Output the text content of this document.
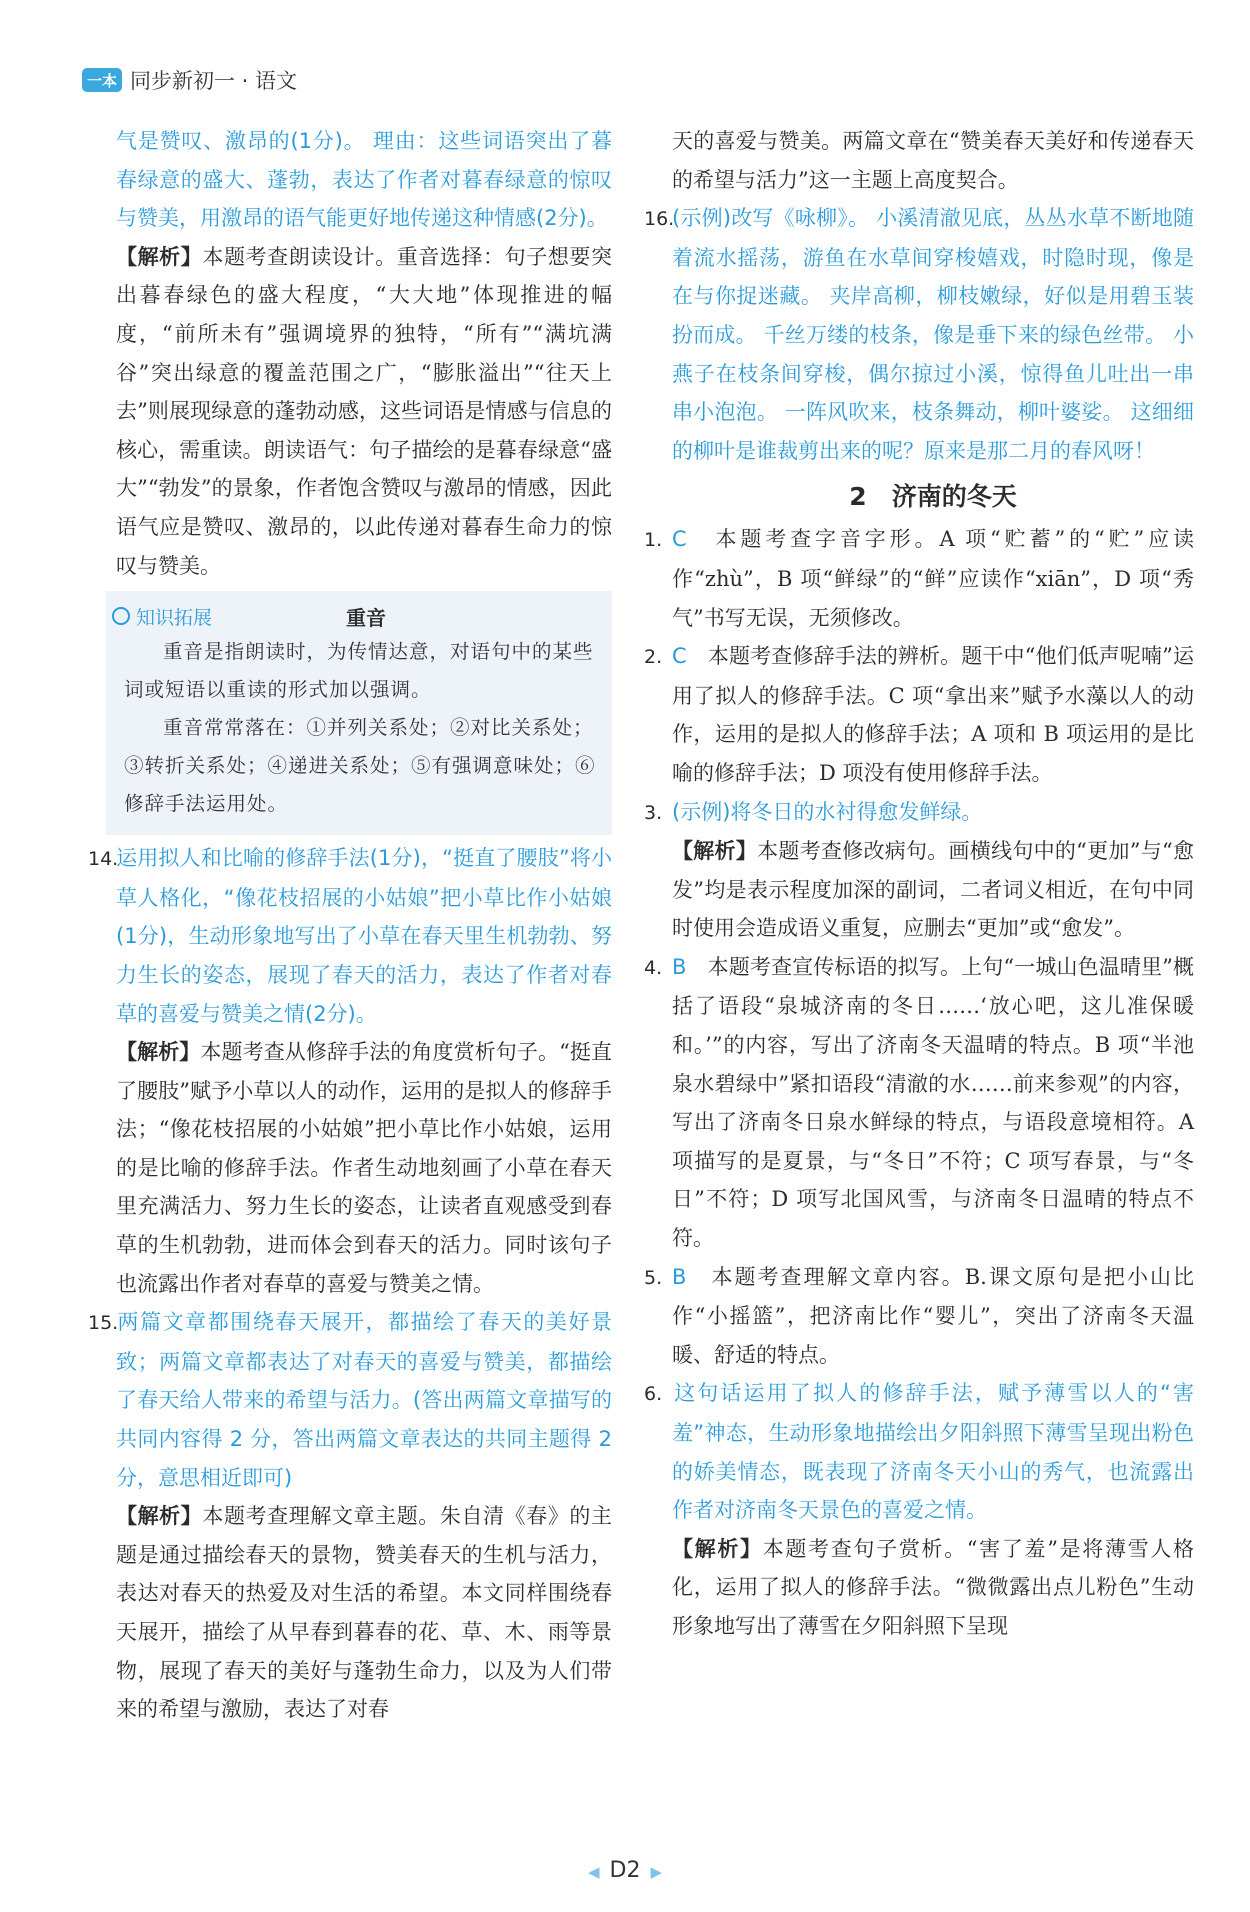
一本 同步新初一 · 语文

气是赞叹、激昂的(1分)。 理由：这些词语突出了暮春绿意的盛大、蓬勃，表达了作者对暮春绿意的惊叹与赞美，用激昂的语气能更好地传递这种情感(2分)。

【解析】本题考查朗读设计。重音选择：句子想要突出暮春绿色的盛大程度，“大大地”体现推进的幅度，“前所未有”强调境界的独特，“所有”“满坑满谷”突出绿意的覆盖范围之广，“膨胀溢出”“往天上去”则展现绿意的蓬勃动感，这些词语是情感与信息的核心，需重读。朗读语气：句子描绘的是暮春绿意“盛大”“勃发”的景象，作者饱含赞叹与激昂的情感，因此语气应是赞叹、激昂的，以此传递对暮春生命力的惊叹与赞美。

知识拓展	重音

重音是指朗读时，为传情达意，对语句中的某些词或短语以重读的形式加以强调。

重音常常落在：①并列关系处；②对比关系处；③转折关系处；④递进关系处；⑤有强调意味处；⑥修辞手法运用处。

14.运用拟人和比喻的修辞手法(1分)，“挺直了腰肢”将小草人格化，“像花枝招展的小姑娘”把小草比作小姑娘(1分)，生动形象地写出了小草在春天里生机勃勃、努力生长的姿态，展现了春天的活力，表达了作者对春草的喜爱与赞美之情(2分)。

【解析】本题考查从修辞手法的角度赏析句子。“挺直了腰肢”赋予小草以人的动作，运用的是拟人的修辞手法；“像花枝招展的小姑娘”把小草比作小姑娘，运用的是比喻的修辞手法。作者生动地刻画了小草在春天里充满活力、努力生长的姿态，让读者直观感受到春草的生机勃勃，进而体会到春天的活力。同时该句子也流露出作者对春草的喜爱与赞美之情。

15.两篇文章都围绕春天展开，都描绘了春天的美好景致；两篇文章都表达了对春天的喜爱与赞美，都描绘了春天给人带来的希望与活力。(答出两篇文章描写的共同内容得 2 分，答出两篇文章表达的共同主题得 2 分，意思相近即可)

【解析】本题考查理解文章主题。朱自清《春》的主题是通过描绘春天的景物，赞美春天的生机与活力，表达对春天的热爱及对生活的希望。本文同样围绕春天展开，描绘了从早春到暮春的花、草、木、雨等景物，展现了春天的美好与蓬勃生命力，以及为人们带来的希望与激励，表达了对春

天的喜爱与赞美。两篇文章在“赞美春天美好和传递春天的希望与活力”这一主题上高度契合。

16.(示例)改写《咏柳》。 小溪清澈见底，丛丛水草不断地随着流水摇荡，游鱼在水草间穿梭嬉戏，时隐时现，像是在与你捉迷藏。 夹岸高柳，柳枝嫩绿，好似是用碧玉装扮而成。 千丝万缕的枝条，像是垂下来的绿色丝带。 小燕子在枝条间穿梭，偶尔掠过小溪，惊得鱼儿吐出一串串小泡泡。 一阵风吹来，枝条舞动，柳叶婆娑。 这细细的柳叶是谁裁剪出来的呢？原来是那二月的春风呀！

2　济南的冬天

1. C　 本题考查字音字形。A 项“贮蓄”的“贮”应读作“zhù”，B 项“鲜绿”的“鲜”应读作“xiān”，D 项“秀气”书写无误，无须修改。

2. C　 本题考查修辞手法的辨析。题干中“他们低声呢喃”运用了拟人的修辞手法。C 项“拿出来”赋予水藻以人的动作，运用的是拟人的修辞手法；A 项和 B 项运用的是比喻的修辞手法；D 项没有使用修辞手法。

3. (示例)将冬日的水衬得愈发鲜绿。

【解析】本题考查修改病句。画横线句中的“更加”与“愈发”均是表示程度加深的副词，二者词义相近，在句中同时使用会造成语义重复，应删去“更加”或“愈发”。

4. B　 本题考查宣传标语的拟写。上句“一城山色温晴里”概括了语段“泉城济南的冬日……‘放心吧，这儿准保暖和。’”的内容，写出了济南冬天温晴的特点。B 项“半池泉水碧绿中”紧扣语段“清澈的水……前来参观”的内容，写出了济南冬日泉水鲜绿的特点，与语段意境相符。A 项描写的是夏景，与“冬日”不符；C 项写春景，与“冬日”不符；D 项写北国风雪，与济南冬日温晴的特点不符。

5. B　 本题考查理解文章内容。B.课文原句是把小山比作“小摇篮”，把济南比作“婴儿”，突出了济南冬天温暖、舒适的特点。

6. 这句话运用了拟人的修辞手法，赋予薄雪以人的“害羞”神态，生动形象地描绘出夕阳斜照下薄雪呈现出粉色的娇美情态，既表现了济南冬天小山的秀气，也流露出作者对济南冬天景色的喜爱之情。

【解析】本题考查句子赏析。“害了羞”是将薄雪人格化，运用了拟人的修辞手法。“微微露出点儿粉色”生动形象地写出了薄雪在夕阳斜照下呈现

◀ D2 ▶
